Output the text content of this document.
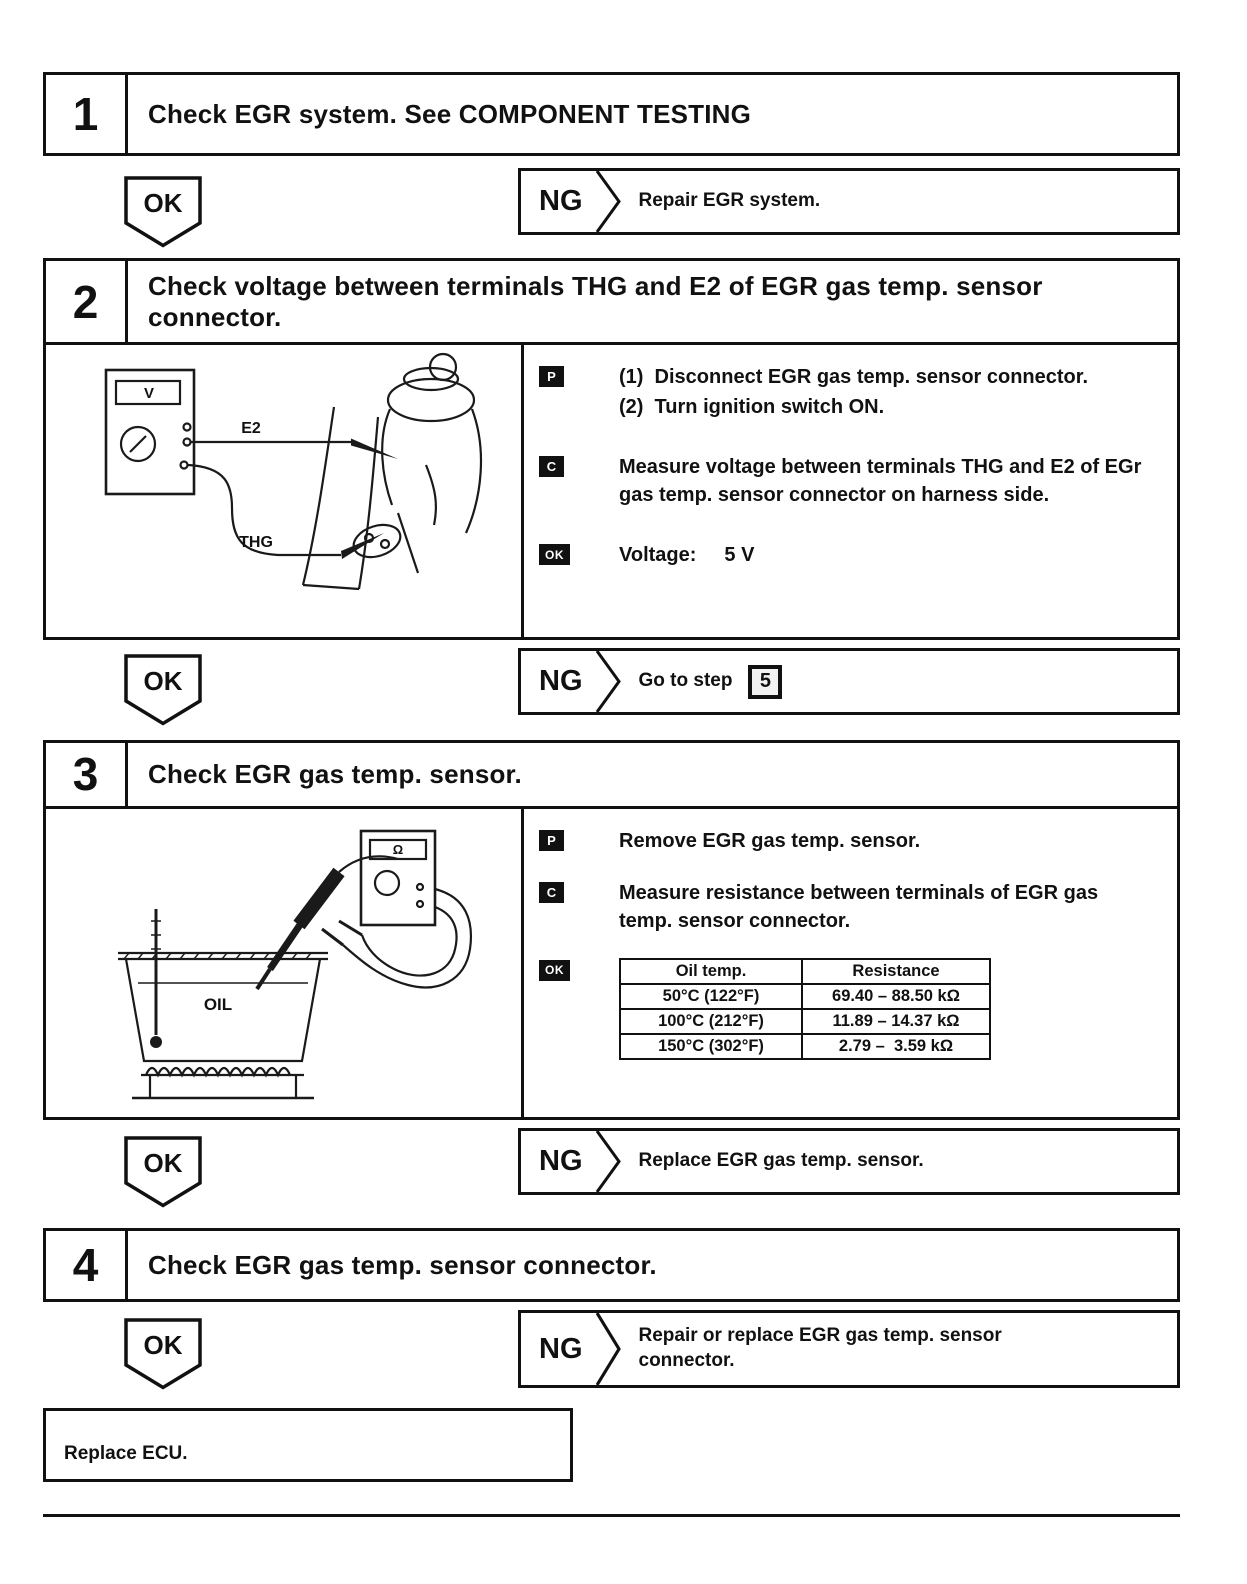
1	Check EGR system. See COMPONENT TESTING
NG	Repair EGR system.
OK
2	Check voltage between terminals THG and E2 of EGR gas temp. sensor connector.
V
E2
THG
P	(1)  Disconnect EGR gas temp. sensor connector.
(2)  Turn ignition switch ON.
C	Measure voltage between terminals THG and E2 of EGr gas temp. sensor connector on harness side.
OK	Voltage: 5 V
NG	Go to step	5
OK
3	Check EGR gas temp. sensor.
Ω
OIL
P	Remove EGR gas temp. sensor.
C	Measure resistance between terminals of EGR gas temp. sensor connector.
OK	Oil temp.	Resistance
50°C (122°F)	69.40 – 88.50 kΩ
100°C (212°F)	11.89 – 14.37 kΩ
150°C (302°F)	2.79 –  3.59 kΩ
NG	Replace EGR gas temp. sensor.
OK
4	Check EGR gas temp. sensor connector.
NG	Repair or replace EGR gas temp. sensor connector.
OK
Replace ECU.
